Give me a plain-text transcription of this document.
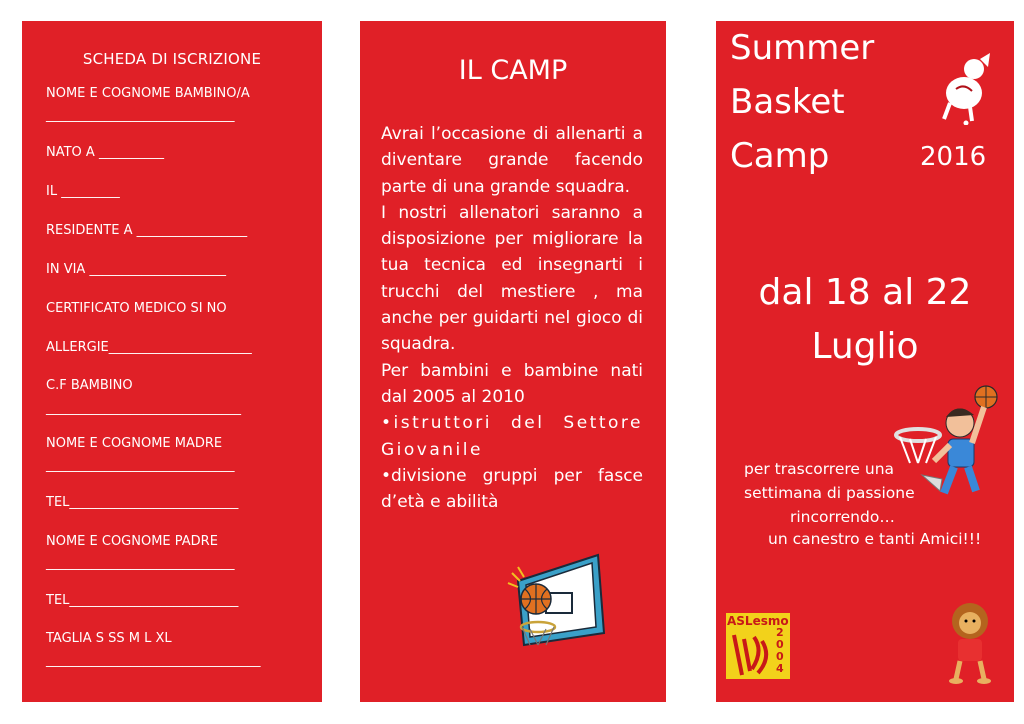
SCHEDA DI ISCRIZIONE
NOME E COGNOME BAMBINO/A
_____________________________
NATO A __________
IL _________
RESIDENTE A _________________
IN VIA _____________________
CERTIFICATO MEDICO SI NO
ALLERGIE______________________
C.F BAMBINO
______________________________
NOME E COGNOME MADRE
_____________________________
TEL__________________________
NOME E COGNOME PADRE
_____________________________
TEL__________________________
TAGLIA S SS M L XL
_________________________________
IL CAMP

Avrai l’occasione di allenarti a diventare grande facendo parte di una grande squadra.

I nostri allenatori saranno a disposizione per migliorare la tua tecnica ed insegnarti i trucchi del mestiere , ma anche per guidarti nel gioco di squadra.

Per bambini e bambine nati dal 2005 al 2010

•istruttori del Settore Giovanile

•divisione gruppi per fasce d’età e abilità

Summer
Basket
Camp	2016
dal 18 al 22
Luglio
per trascorrere una
settimana di passione
rincorrendo…
un canestro e tanti Amici!!!
ASLesmo
2004
